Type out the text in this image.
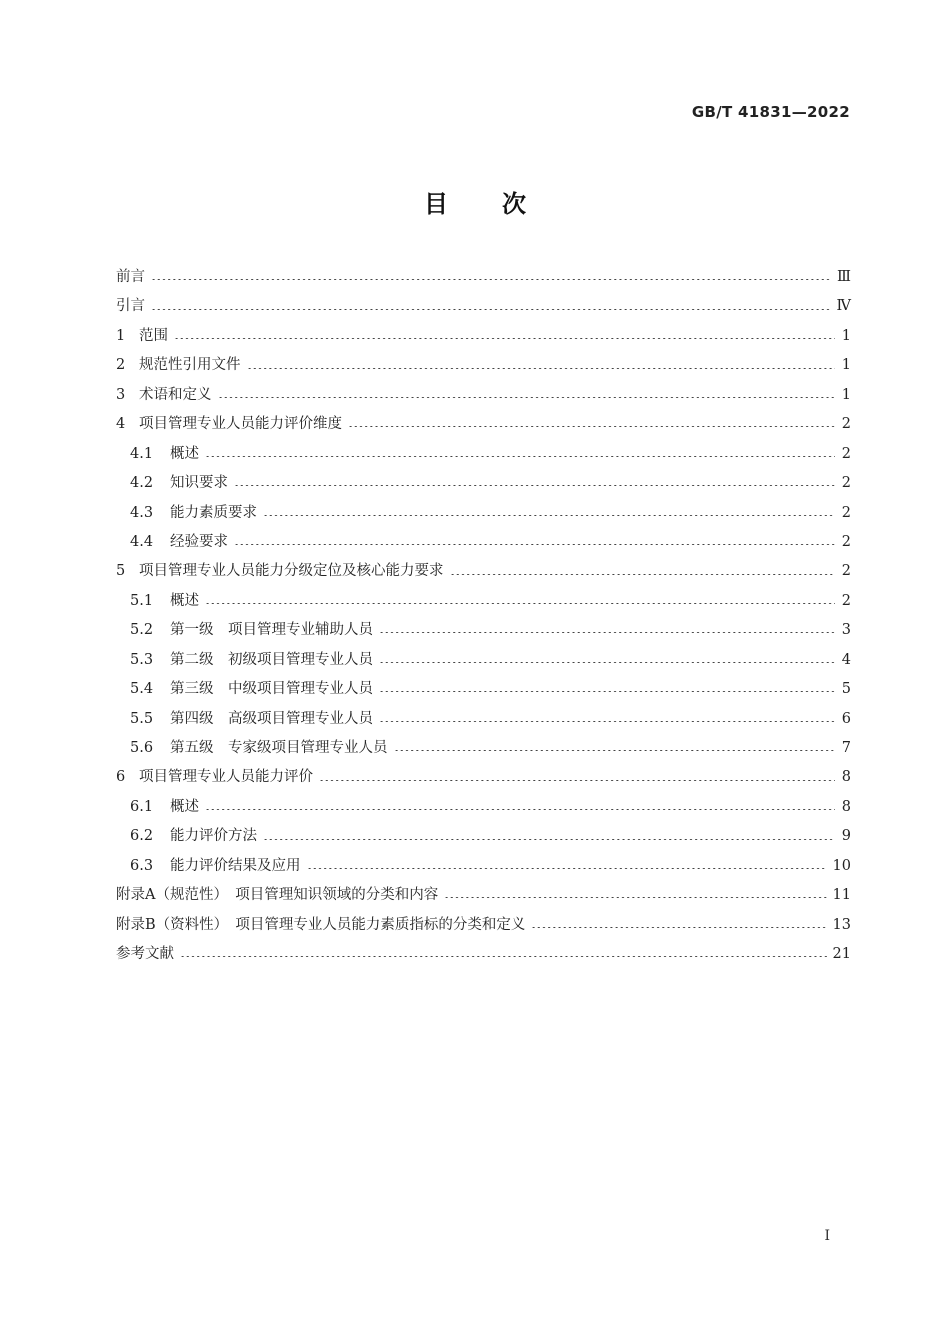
GB/T 41831—2022
目次
前言	Ⅲ
引言	Ⅳ
1 范围	1
2 规范性引用文件	1
3 术语和定义	1
4 项目管理专业人员能力评价维度	2
4.1	概述	2
4.2	知识要求	2
4.3	能力素质要求	2
4.4	经验要求	2
5 项目管理专业人员能力分级定位及核心能力要求	2
5.1	概述	2
5.2	第一级　项目管理专业辅助人员	3
5.3	第二级　初级项目管理专业人员	4
5.4	第三级　中级项目管理专业人员	5
5.5	第四级　高级项目管理专业人员	6
5.6	第五级　专家级项目管理专业人员	7
6 项目管理专业人员能力评价	8
6.1	概述	8
6.2	能力评价方法	9
6.3	能力评价结果及应用	10
附录A（规范性）　项目管理知识领域的分类和内容	11
附录B（资料性）　项目管理专业人员能力素质指标的分类和定义	13
参考文献	21
I
